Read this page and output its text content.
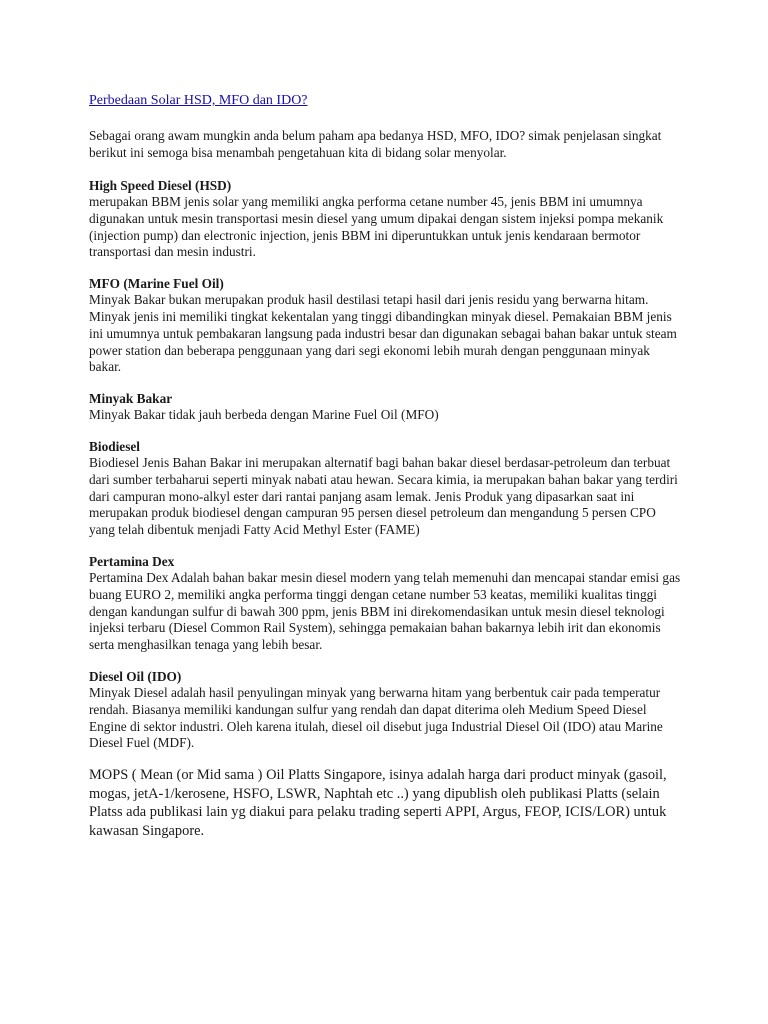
Perbedaan Solar HSD, MFO dan IDO?

Sebagai orang awam mungkin anda belum paham apa bedanya HSD, MFO, IDO? simak penjelasan singkat berikut ini semoga bisa menambah pengetahuan kita di bidang solar menyolar.

High Speed Diesel (HSD)

merupakan BBM jenis solar yang memiliki angka performa cetane number 45, jenis BBM ini umumnya digunakan untuk mesin transportasi mesin diesel yang umum dipakai dengan sistem injeksi pompa mekanik (injection pump) dan electronic injection, jenis BBM ini diperuntukkan untuk jenis kendaraan bermotor transportasi dan mesin industri.

MFO (Marine Fuel Oil)

Minyak Bakar bukan merupakan produk hasil destilasi tetapi hasil dari jenis residu yang berwarna hitam. Minyak jenis ini memiliki tingkat kekentalan yang tinggi dibandingkan minyak diesel. Pemakaian BBM jenis ini umumnya untuk pembakaran langsung pada industri besar dan digunakan sebagai bahan bakar untuk steam power station dan beberapa penggunaan yang dari segi ekonomi lebih murah dengan penggunaan minyak bakar.

Minyak Bakar

Minyak Bakar tidak jauh berbeda dengan Marine Fuel Oil (MFO)

Biodiesel

Biodiesel Jenis Bahan Bakar ini merupakan alternatif bagi bahan bakar diesel berdasar-petroleum dan terbuat dari sumber terbaharui seperti minyak nabati atau hewan. Secara kimia, ia merupakan bahan bakar yang terdiri dari campuran mono-alkyl ester dari rantai panjang asam lemak. Jenis Produk yang dipasarkan saat ini merupakan produk biodiesel dengan campuran 95 persen diesel petroleum dan mengandung 5 persen CPO yang telah dibentuk menjadi Fatty Acid Methyl Ester (FAME)

Pertamina Dex

Pertamina Dex Adalah bahan bakar mesin diesel modern yang telah memenuhi dan mencapai standar emisi gas buang EURO 2, memiliki angka performa tinggi dengan cetane number 53 keatas, memiliki kualitas tinggi dengan kandungan sulfur di bawah 300 ppm, jenis BBM ini direkomendasikan untuk mesin diesel teknologi injeksi terbaru (Diesel Common Rail System), sehingga pemakaian bahan bakarnya lebih irit dan ekonomis serta menghasilkan tenaga yang lebih besar.

Diesel Oil (IDO)

Minyak Diesel adalah hasil penyulingan minyak yang berwarna hitam yang berbentuk cair pada temperatur rendah. Biasanya memiliki kandungan sulfur yang rendah dan dapat diterima oleh Medium Speed Diesel Engine di sektor industri. Oleh karena itulah, diesel oil disebut juga Industrial Diesel Oil (IDO) atau Marine Diesel Fuel (MDF).

MOPS ( Mean (or Mid sama ) Oil Platts Singapore, isinya adalah harga dari product minyak (gasoil, mogas, jetA-1/kerosene, HSFO, LSWR, Naphtah etc ..) yang dipublish oleh publikasi Platts (selain Platss ada publikasi lain yg diakui para pelaku trading seperti APPI, Argus, FEOP, ICIS/LOR) untuk kawasan Singapore.
